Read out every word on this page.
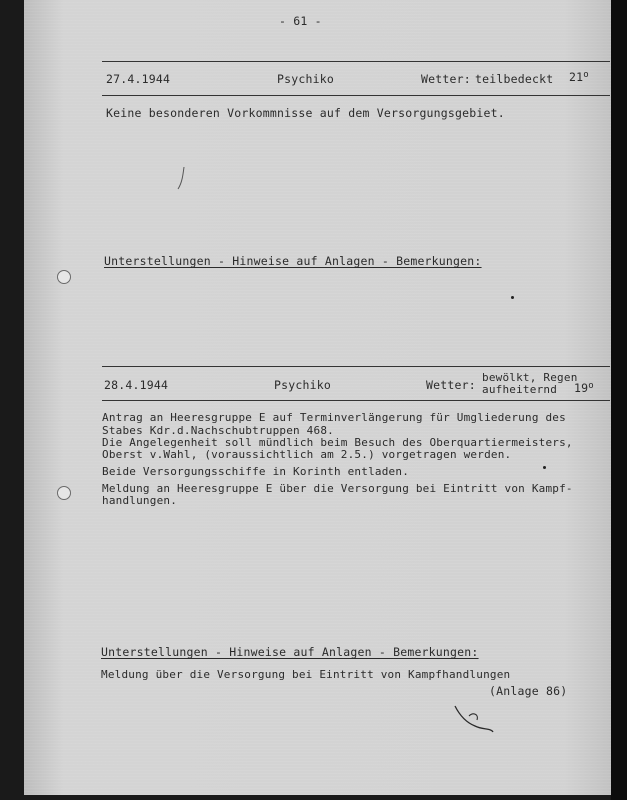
- 61 -
27.4.1944	Psychiko	Wetter: teilbedeckt 21$^o$
Keine besonderen Vorkommnisse auf dem Versorgungsgebiet.
Unterstellungen - Hinweise auf Anlagen - Bemerkungen:
28.4.1944	Psychiko	Wetter:
bewölkt, Regen
aufheiternd 19$^o$
Antrag an Heeresgruppe E auf Terminverlängerung für Umgliederung des
Stabes Kdr.d.Nachschubtruppen 468.
Die Angelegenheit soll mündlich beim Besuch des Oberquartiermeisters,
Oberst v.Wahl, (voraussichtlich am 2.5.) vorgetragen werden.
Beide Versorgungsschiffe in Korinth entladen.
Meldung an Heeresgruppe E über die Versorgung bei Eintritt von Kampf-
handlungen.
Unterstellungen - Hinweise auf Anlagen - Bemerkungen:
Meldung über die Versorgung bei Eintritt von Kampfhandlungen
(Anlage 86)
